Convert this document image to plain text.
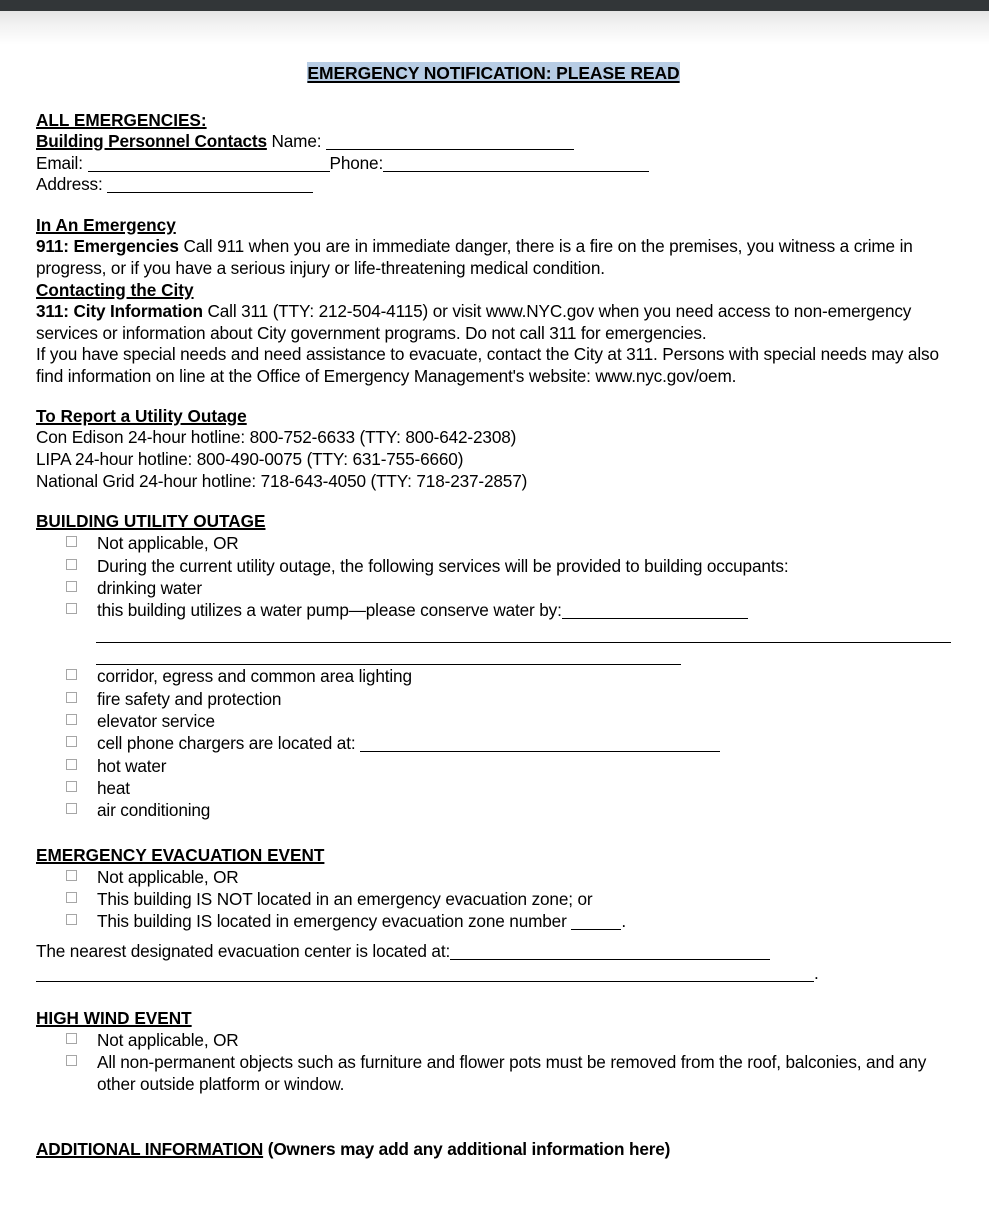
EMERGENCY NOTIFICATION: PLEASE READ
ALL EMERGENCIES:
Building Personnel Contacts Name:
Email:	Phone:
Address:
In An Emergency

911: Emergencies Call 911 when you are in immediate danger, there is a fire on the premises, you witness a crime in progress, or if you have a serious injury or life-threatening medical condition.

Contacting the City

311: City Information Call 311 (TTY: 212-504-4115) or visit www.NYC.gov when you need access to non-emergency services or information about City government programs. Do not call 311 for emergencies.

If you have special needs and need assistance to evacuate, contact the City at 311. Persons with special needs may also find information on line at the Office of Emergency Management's website: www.nyc.gov/oem.

To Report a Utility Outage

Con Edison 24-hour hotline: 800-752-6633 (TTY: 800-642-2308)

LIPA 24-hour hotline: 800-490-0075 (TTY: 631-755-6660)

National Grid 24-hour hotline: 718-643-4050 (TTY: 718-237-2857)

BUILDING UTILITY OUTAGE
Not applicable, OR
During the current utility outage, the following services will be provided to building occupants:
drinking water
this building utilizes a water pump—please conserve water by:
corridor, egress and common area lighting
fire safety and protection
elevator service
cell phone chargers are located at:
hot water
heat
air conditioning
EMERGENCY EVACUATION EVENT
Not applicable, OR
This building IS NOT located in an emergency evacuation zone; or
This building IS located in emergency evacuation zone number	.
The nearest designated evacuation center is located at:
.
HIGH WIND EVENT
Not applicable, OR
All non-permanent objects such as furniture and flower pots must be removed from the roof, balconies, and any other outside platform or window.
ADDITIONAL INFORMATION (Owners may add any additional information here)
